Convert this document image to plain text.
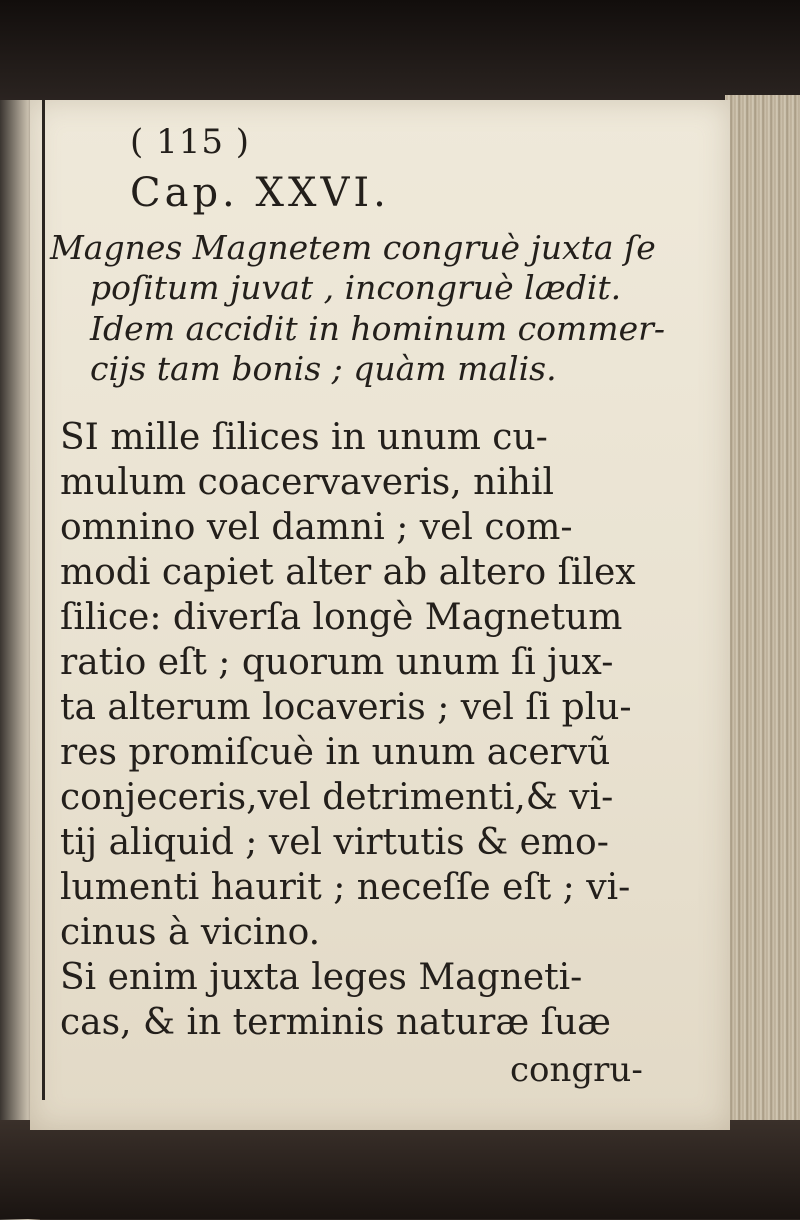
( 115 )

Cap. XXVI.

Magnes Magnetem congruè juxta ſe

poſitum juvat , incongruè lædit.

Idem accidit in hominum commer-

cijs tam bonis ; quàm malis.

SI mille ſilices in unum cu-

mulum coacervaveris, nihil

omnino vel damni ; vel com-

modi capiet alter ab altero ſilex

ſilice: diverſa longè Magnetum

ratio eſt ; quorum unum ſi jux-

ta alterum locaveris ; vel ſi plu-

res promiſcuè in unum acervũ

conjeceris,vel detrimenti,& vi-

tij aliquid ; vel virtutis & emo-

lumenti haurit ; neceſſe eſt ; vi-

cinus à vicino.

Si enim juxta leges Magneti-

cas, & in terminis naturæ ſuæ

congru-
